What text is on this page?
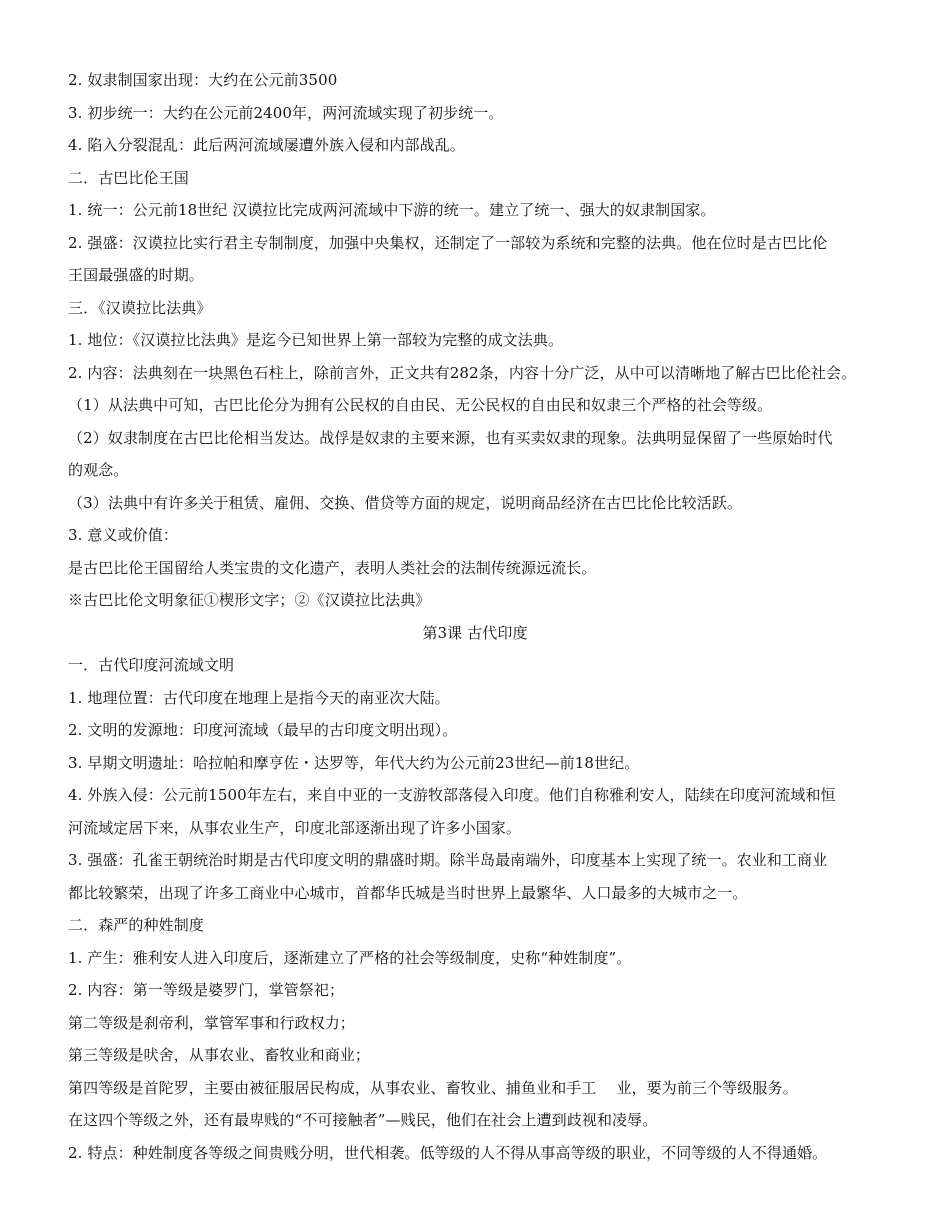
2. 奴隶制国家出现：大约在公元前3500
3. 初步统一：大约在公元前2400年，两河流域实现了初步统一。
4. 陷入分裂混乱：此后两河流域屡遭外族入侵和内部战乱。
二．古巴比伦王国
1. 统一：公元前18世纪 汉谟拉比完成两河流域中下游的统一。建立了统一、强大的奴隶制国家。
2. 强盛：汉谟拉比实行君主专制制度，加强中央集权，还制定了一部较为系统和完整的法典。他在位时是古巴比伦
王国最强盛的时期。
三．《汉谟拉比法典》
1. 地位：《汉谟拉比法典》是迄今已知世界上第一部较为完整的成文法典。
2. 内容：法典刻在一块黑色石柱上，除前言外，正文共有282条，内容十分广泛，从中可以清晰地了解古巴比伦社会。
（1）从法典中可知，古巴比伦分为拥有公民权的自由民、无公民权的自由民和奴隶三个严格的社会等级。
（2）奴隶制度在古巴比伦相当发达。战俘是奴隶的主要来源，也有买卖奴隶的现象。法典明显保留了一些原始时代
的观念。
（3）法典中有许多关于租赁、雇佣、交换、借贷等方面的规定，说明商品经济在古巴比伦比较活跃。
3. 意义或价值：
是古巴比伦王国留给人类宝贵的文化遗产，表明人类社会的法制传统源远流长。
※古巴比伦文明象征①楔形文字；②《汉谟拉比法典》
第3课 古代印度
一．古代印度河流域文明
1. 地理位置：古代印度在地理上是指今天的南亚次大陆。
2. 文明的发源地：印度河流域（最早的古印度文明出现）。
3. 早期文明遗址：哈拉帕和摩亨佐・达罗等，年代大约为公元前23世纪—前18世纪。
4. 外族入侵：公元前1500年左右，来自中亚的一支游牧部落侵入印度。他们自称雅利安人，陆续在印度河流域和恒
河流域定居下来，从事农业生产，印度北部逐渐出现了许多小国家。
3. 强盛：孔雀王朝统治时期是古代印度文明的鼎盛时期。除半岛最南端外，印度基本上实现了统一。农业和工商业
都比较繁荣，出现了许多工商业中心城市，首都华氏城是当时世界上最繁华、人口最多的大城市之一。
二．森严的种姓制度
1. 产生：雅利安人进入印度后，逐渐建立了严格的社会等级制度，史称“种姓制度”。
2. 内容：第一等级是婆罗门，掌管祭祀；
第二等级是刹帝利，掌管军事和行政权力；
第三等级是吠舍，从事农业、畜牧业和商业；
第四等级是首陀罗，主要由被征服居民构成，从事农业、畜牧业、捕鱼业和手工　 业，要为前三个等级服务。
在这四个等级之外，还有最卑贱的“不可接触者”—贱民，他们在社会上遭到歧视和凌辱。
2. 特点：种姓制度各等级之间贵贱分明，世代相袭。低等级的人不得从事高等级的职业，不同等级的人不得通婚。
